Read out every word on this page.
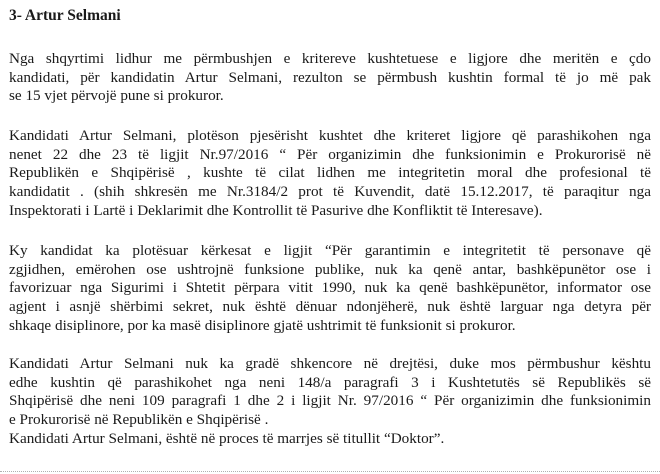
3- Artur Selmani

Nga shqyrtimi lidhur me përmbushjen e kritereve kushtetuese e ligjore dhe meritën e çdo
kandidati, për kandidatin Artur Selmani, rezulton se përmbush kushtin formal të jo më pak
se 15 vjet përvojë pune si prokuror.

Kandidati Artur Selmani, plotëson pjesërisht kushtet dhe kriteret ligjore që parashikohen nga
nenet 22 dhe 23 të ligjit Nr.97/2016 “ Për organizimin dhe funksionimin e Prokurorisë në
Republikën e Shqipërisë , kushte të cilat lidhen me integritetin moral dhe profesional të
kandidatit . (shih shkresën me Nr.3184/2 prot të Kuvendit, datë 15.12.2017, të paraqitur nga
Inspektorati i Lartë i Deklarimit dhe Kontrollit të Pasurive dhe Konfliktit të Interesave).

Ky kandidat ka plotësuar kërkesat e ligjit “Për garantimin e integritetit të personave që
zgjidhen, emërohen ose ushtrojnë funksione publike, nuk ka qenë antar, bashkëpunëtor ose i
favorizuar nga Sigurimi i Shtetit përpara vitit 1990, nuk ka qenë bashkëpunëtor, informator ose
agjent i asnjë shërbimi sekret, nuk është dënuar ndonjëherë, nuk është larguar nga detyra për
shkaqe disiplinore, por ka masë disiplinore gjatë ushtrimit të funksionit si prokuror.

Kandidati Artur Selmani nuk ka gradë shkencore në drejtësi, duke mos përmbushur kështu
edhe kushtin që parashikohet nga neni 148/a paragrafi 3 i Kushtetutës së Republikës së
Shqipërisë dhe neni 109 paragrafi 1 dhe 2 i ligjit Nr. 97/2016 “ Për organizimin dhe funksionimin
e Prokurorisë në Republikën e Shqipërisë .
Kandidati Artur Selmani, është në proces të marrjes së titullit “Doktor”.
